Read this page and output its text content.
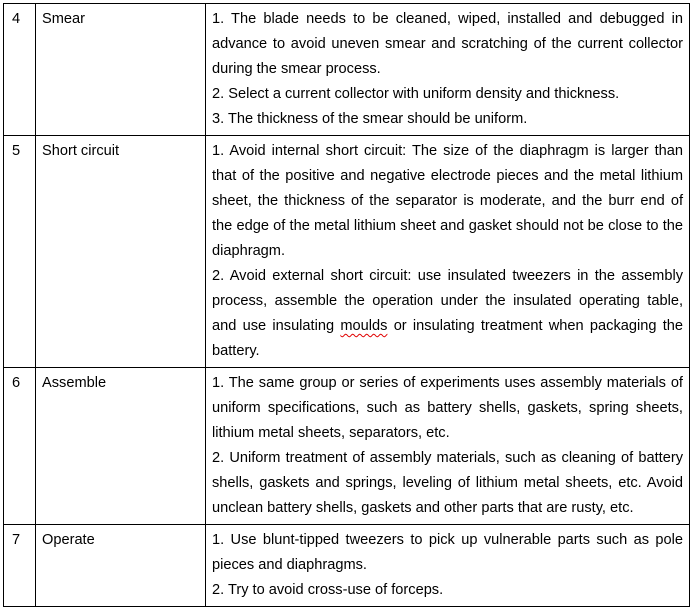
4	Smear	1. The blade needs to be cleaned, wiped, installed and debugged in advance to avoid uneven smear and scratching of the current collector during the smear process.
2. Select a current collector with uniform density and thickness.
3. The thickness of the smear should be uniform.

5	Short circuit	1. Avoid internal short circuit: The size of the diaphragm is larger than that of the positive and negative electrode pieces and the metal lithium sheet, the thickness of the separator is moderate, and the burr end of the edge of the metal lithium sheet and gasket should not be close to the diaphragm.
2. Avoid external short circuit: use insulated tweezers in the assembly process, assemble the operation under the insulated operating table, and use insulating moulds or insulating treatment when packaging the battery.

6	Assemble	1. The same group or series of experiments uses assembly materials of uniform specifications, such as battery shells, gaskets, spring sheets, lithium metal sheets, separators, etc.
2. Uniform treatment of assembly materials, such as cleaning of battery shells, gaskets and springs, leveling of lithium metal sheets, etc. Avoid unclean battery shells, gaskets and other parts that are rusty, etc.

7	Operate	1. Use blunt-tipped tweezers to pick up vulnerable parts such as pole pieces and diaphragms.
2. Try to avoid cross-use of forceps.
